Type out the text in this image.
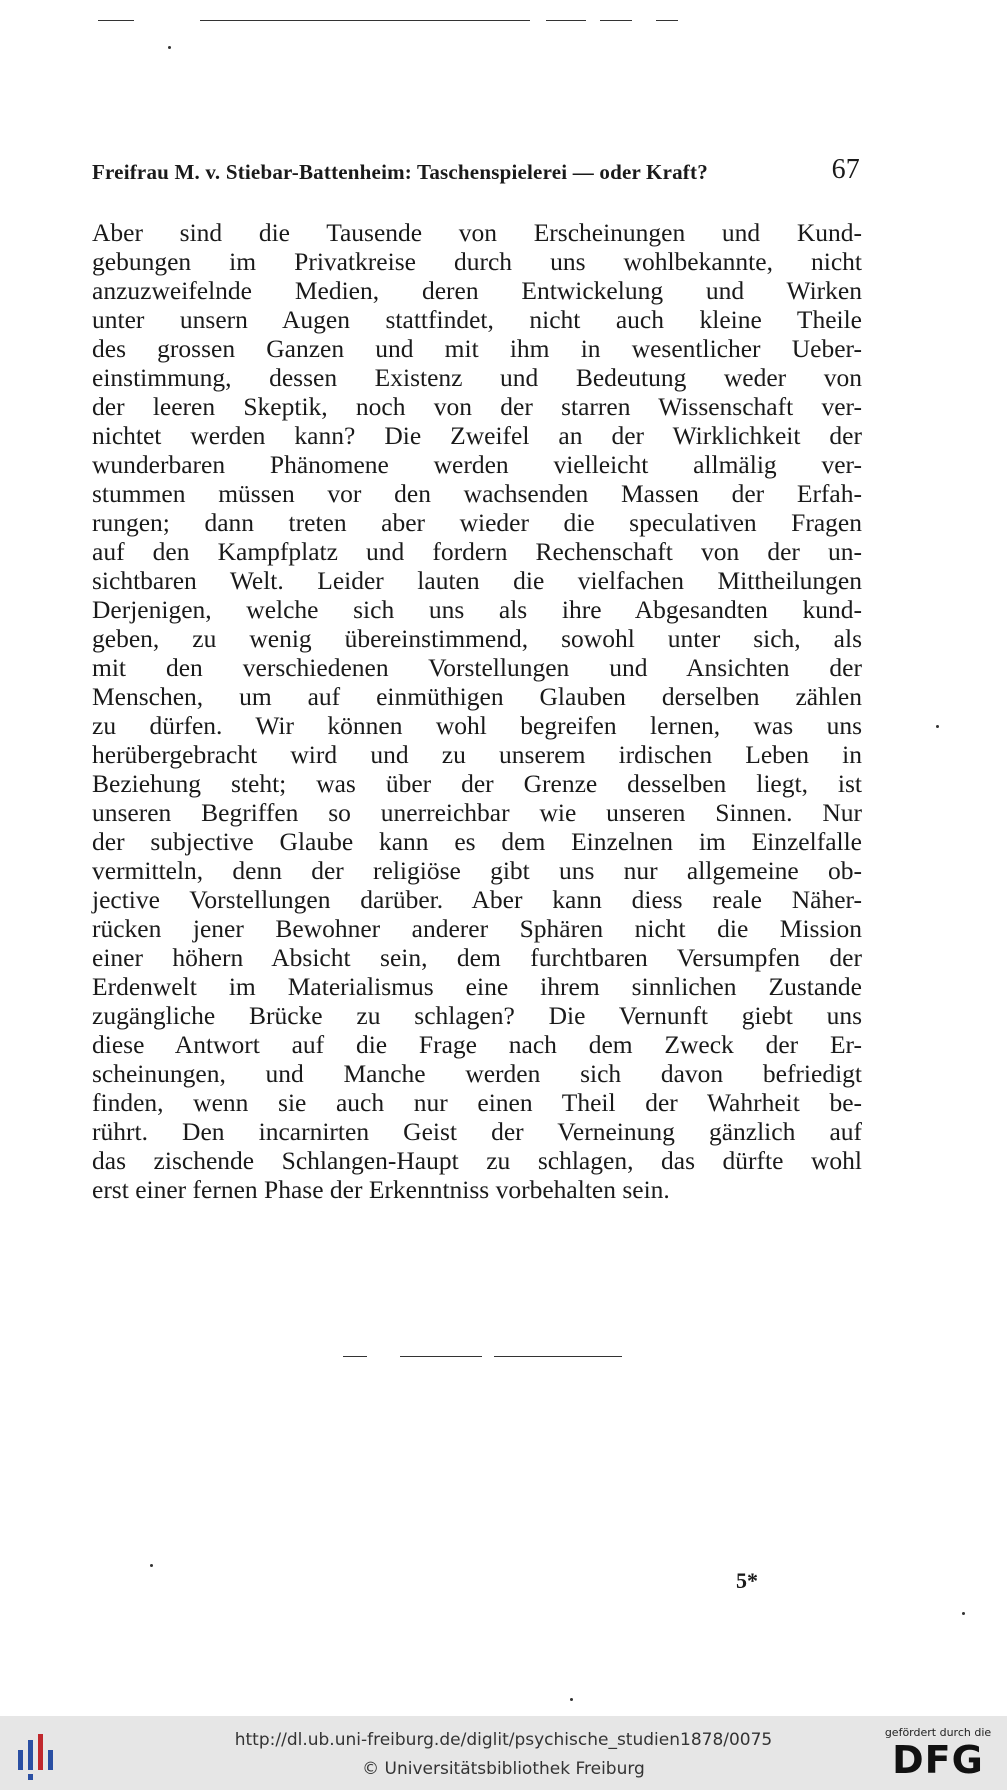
Freifrau M. v. Stiebar-Battenheim: Taschenspielerei — oder Kraft?	67
Aber sind die Tausende von Erscheinungen und Kund-
gebungen im Privatkreise durch uns wohlbekannte, nicht
anzuzweifelnde Medien, deren Entwickelung und Wirken
unter unsern Augen stattfindet, nicht auch kleine Theile
des grossen Ganzen und mit ihm in wesentlicher Ueber-
einstimmung, dessen Existenz und Bedeutung weder von
der leeren Skeptik, noch von der starren Wissenschaft ver-
nichtet werden kann? Die Zweifel an der Wirklichkeit der
wunderbaren Phänomene werden vielleicht allmälig ver-
stummen müssen vor den wachsenden Massen der Erfah-
rungen; dann treten aber wieder die speculativen Fragen
auf den Kampfplatz und fordern Rechenschaft von der un-
sichtbaren Welt. Leider lauten die vielfachen Mittheilungen
Derjenigen, welche sich uns als ihre Abgesandten kund-
geben, zu wenig übereinstimmend, sowohl unter sich, als
mit den verschiedenen Vorstellungen und Ansichten der
Menschen, um auf einmüthigen Glauben derselben zählen
zu dürfen. Wir können wohl begreifen lernen, was uns
herübergebracht wird und zu unserem irdischen Leben in
Beziehung steht; was über der Grenze desselben liegt, ist
unseren Begriffen so unerreichbar wie unseren Sinnen. Nur
der subjective Glaube kann es dem Einzelnen im Einzelfalle
vermitteln, denn der religiöse gibt uns nur allgemeine ob-
jective Vorstellungen darüber. Aber kann diess reale Näher-
rücken jener Bewohner anderer Sphären nicht die Mission
einer höhern Absicht sein, dem furchtbaren Versumpfen der
Erdenwelt im Materialismus eine ihrem sinnlichen Zustande
zugängliche Brücke zu schlagen? Die Vernunft giebt uns
diese Antwort auf die Frage nach dem Zweck der Er-
scheinungen, und Manche werden sich davon befriedigt
finden, wenn sie auch nur einen Theil der Wahrheit be-
rührt. Den incarnirten Geist der Verneinung gänzlich auf
das zischende Schlangen-Haupt zu schlagen, das dürfte wohl
erst einer fernen Phase der Erkenntniss vorbehalten sein.
5*
http://dl.ub.uni-freiburg.de/diglit/psychische_studien1878/0075
© Universitätsbibliothek Freiburg
gefördert durch die
DFG
